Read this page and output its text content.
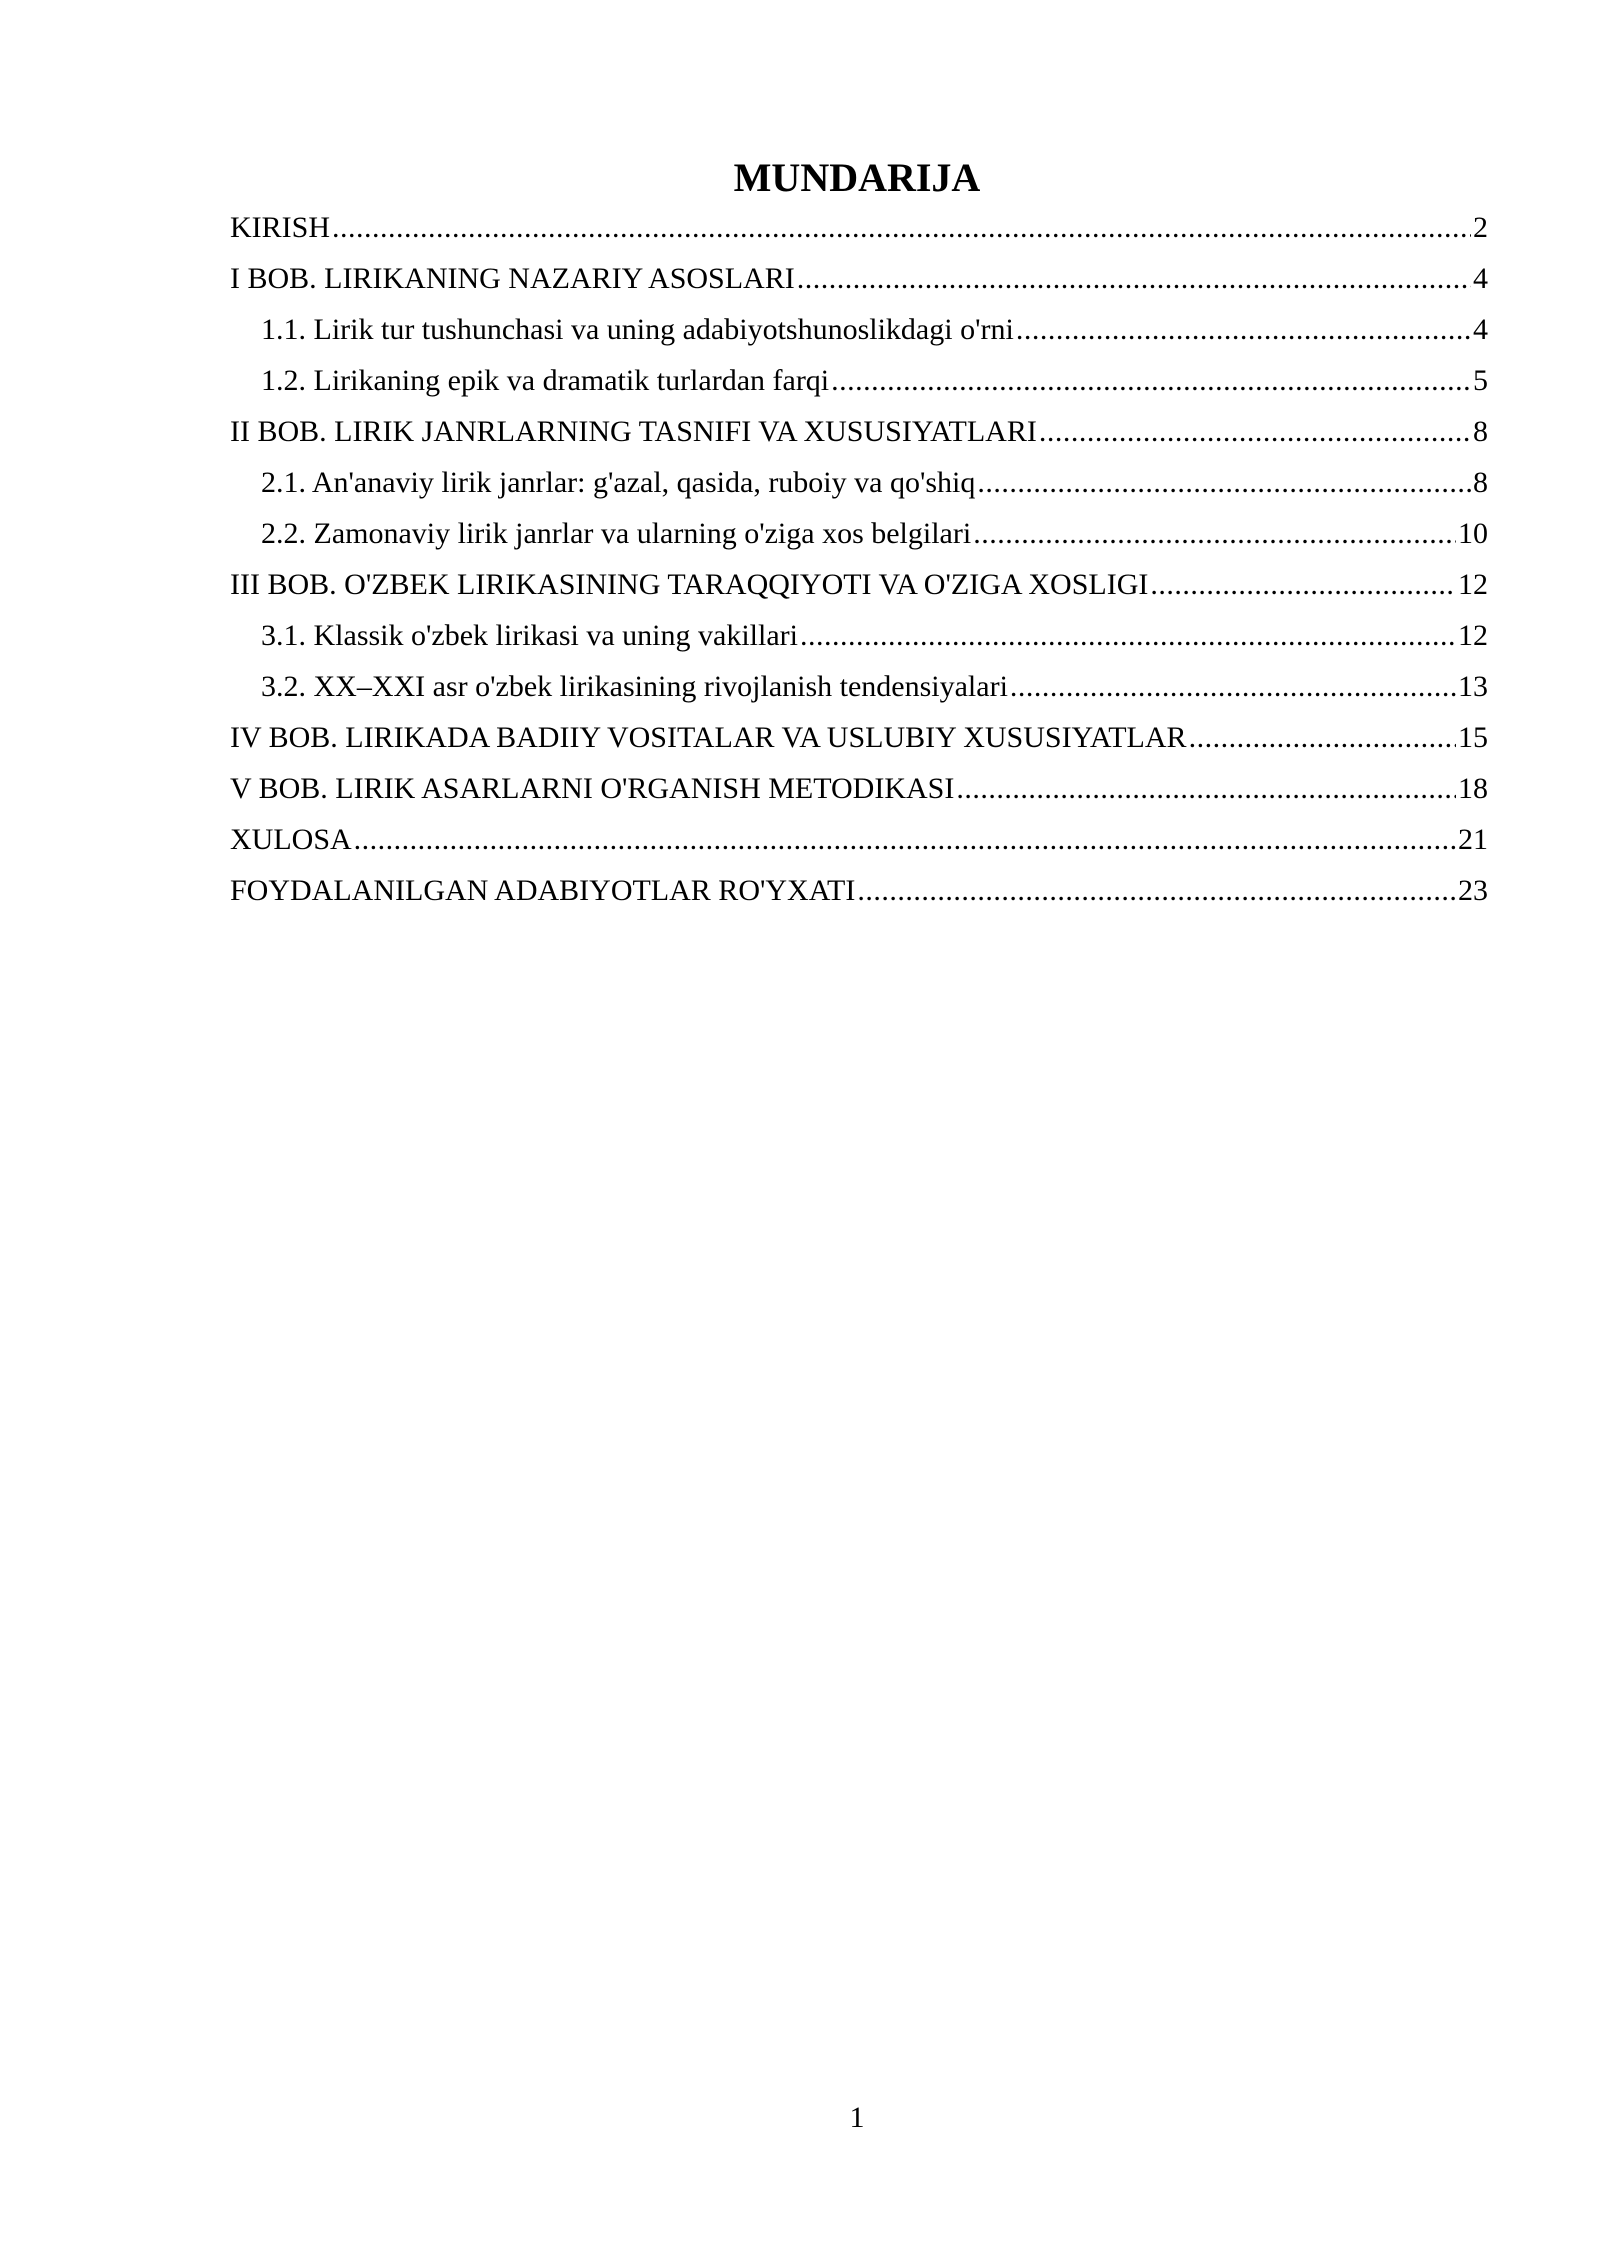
MUNDARIJA
KIRISH .....	2
I BOB. LIRIKANING NAZARIY ASOSLARI .....	4
1.1. Lirik tur tushunchasi va uning adabiyotshunoslikdagi o'rni .....	4
1.2. Lirikaning epik va dramatik turlardan farqi .....	5
II BOB. LIRIK JANRLARNING TASNIFI VA XUSUSIYATLARI .....	8
2.1. An'anaviy lirik janrlar: g'azal, qasida, ruboiy va qo'shiq .....	8
2.2. Zamonaviy lirik janrlar va ularning o'ziga xos belgilari .....	10
III BOB. O'ZBEK LIRIKASINING TARAQQIYOTI VA O'ZIGA XOSLIGI .....	12
3.1. Klassik o'zbek lirikasi va uning vakillari .....	12
3.2. XX–XXI asr o'zbek lirikasining rivojlanish tendensiyalari .....	13
IV BOB. LIRIKADA BADIIY VOSITALAR VA USLUBIY XUSUSIYATLAR .....	15
V BOB. LIRIK ASARLARNI O'RGANISH METODIKASI .....	18
XULOSA .....	21
FOYDALANILGAN ADABIYOTLAR RO'YXATI .....	23
1
